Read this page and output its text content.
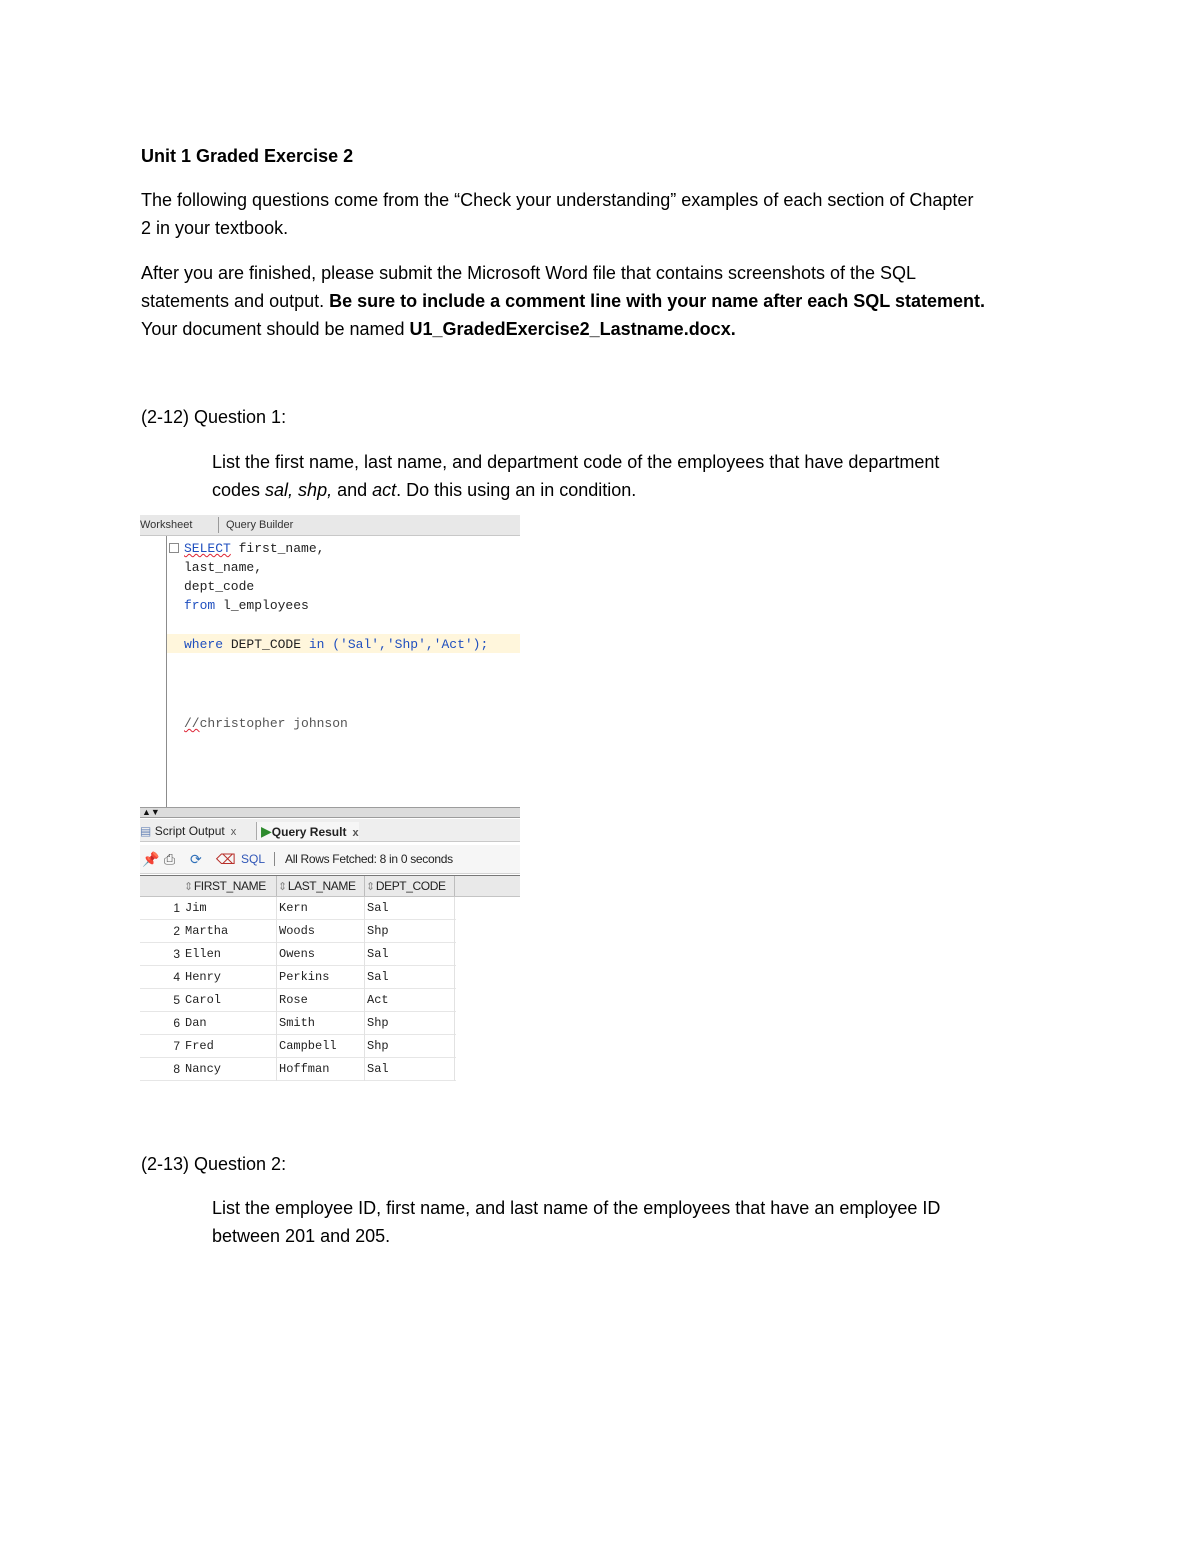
Unit 1 Graded Exercise 2

The following questions come from the “Check your understanding” examples of each section of Chapter

2 in your textbook.

After you are finished, please submit the Microsoft Word file that contains screenshots of the SQL

statements and output. Be sure to include a comment line with your name after each SQL statement.

Your document should be named U1_GradedExercise2_Lastname.docx.

(2-12) Question 1:

List the first name, last name, and department code of the employees that have department

codes sal, shp, and act. Do this using an in condition.

Worksheet	Query Builder
SELECT first_name,
last_name,
dept_code
from l_employees
where DEPT_CODE in ('Sal','Shp','Act');
//christopher johnson
▲▼
▤ Script Output x	▶Query Result x
📌 ⎙ ⟳ ⌫ SQL All Rows Fetched: 8 in 0 seconds
⇕FIRST_NAME	⇕LAST_NAME ⇕DEPT_CODE
1 Jim	Kern	Sal
2 Martha	Woods	Shp
3 Ellen	Owens	Sal
4 Henry	Perkins	Sal
5 Carol	Rose	Act
6 Dan	Smith	Shp
7 Fred	Campbell	Shp
8 Nancy	Hoffman	Sal

(2-13) Question 2:

List the employee ID, first name, and last name of the employees that have an employee ID

between 201 and 205.
